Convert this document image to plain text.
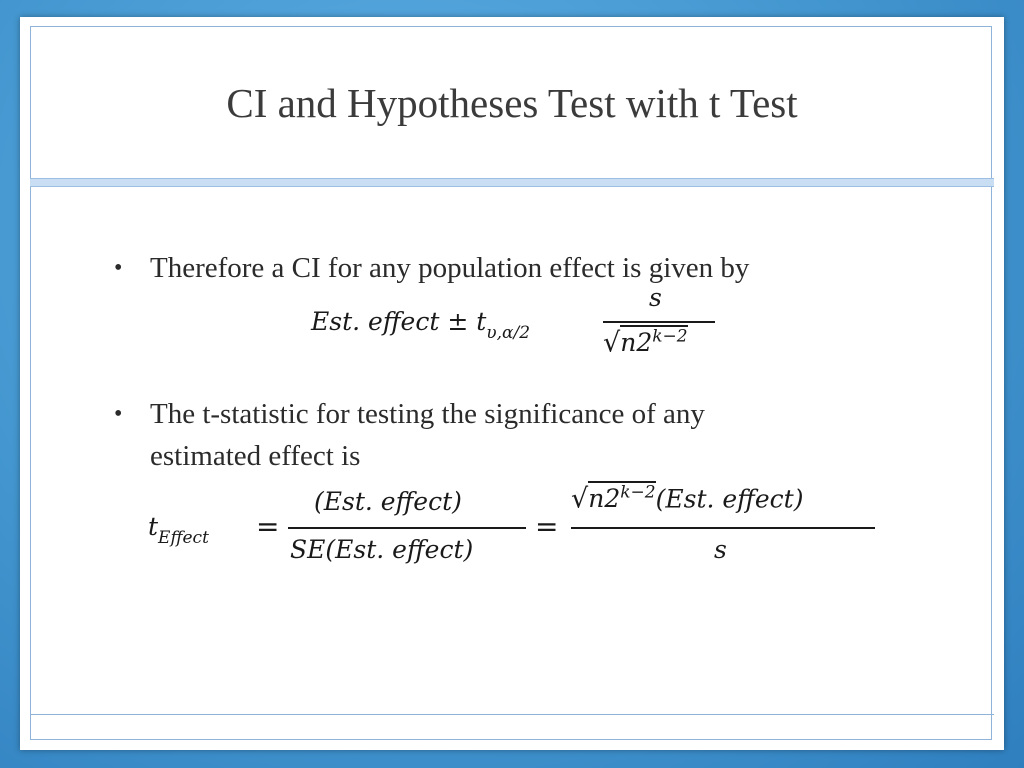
CI and Hypotheses Test with t Test
• Therefore a CI for any population effect is given by
Est. effect ± $t_{\upsilon,\alpha/2}$
s
$√n2^{k-2}$
• The t-statistic for testing the significance of any
estimated effect is
$t_{Effect}$ =
(Est. effect)
SE(Est. effect)
=
$√n2^{k-2}(Est$. effect)
s
